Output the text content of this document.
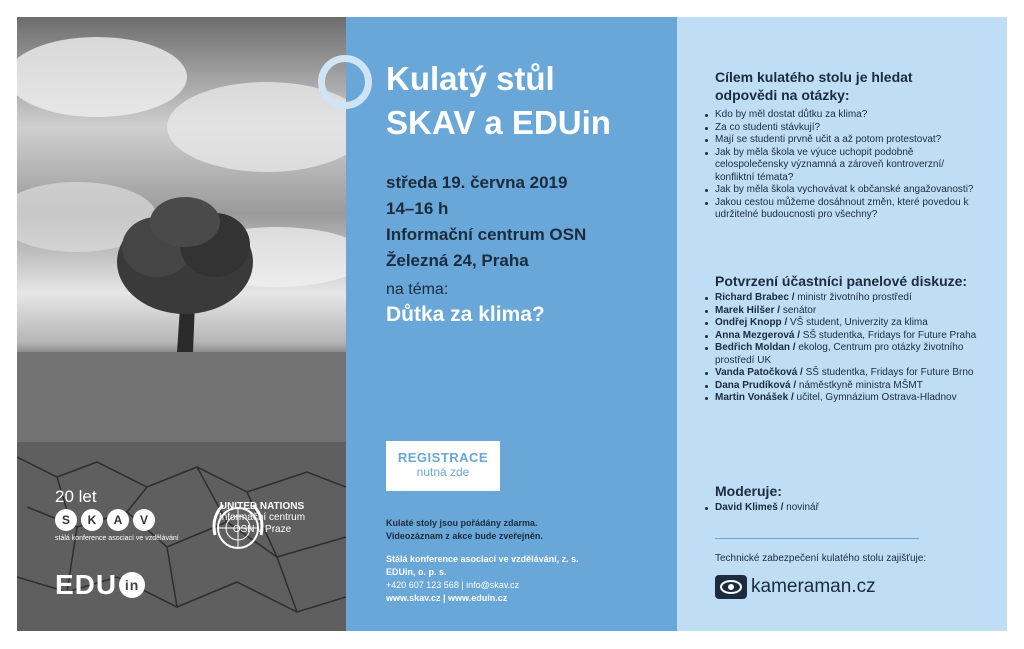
20 let
S	K	A	V
stálá konference asociací ve vzdělávání
EDU in
UNITED NATIONS
Informační centrum
OSN v Praze
Kulatý stůl
SKAV a EDUin
středa 19. června 2019
14–16 h
Informační centrum OSN
Železná 24, Praha
na téma:
Důtka za klima?
REGISTRACE
nutná zde
Kulaté stoly jsou pořádány zdarma.
Videozáznam z akce bude zveřejněn.
Stálá konference asociací ve vzdělávání, z. s.
EDUin, o. p. s.
+420 607 123 568 | info@skav.cz
www.skav.cz | www.eduin.cz
Cílem kulatého stolu je hledat
odpovědi na otázky:
Kdo by měl dostat důtku za klima?
Za co studenti stávkují?
Mají se studenti prvně učit a až potom protestovat?
Jak by měla škola ve výuce uchopit podobně celospolečensky významná a zároveň kontroverzní/ konfliktní témata?
Jak by měla škola vychovávat k občanské angažovanosti?
Jakou cestou můžeme dosáhnout změn, které povedou k udržitelné budoucnosti pro všechny?
Potvrzení účastníci panelové diskuze:
Richard Brabec / ministr životního prostředí
Marek Hilšer / senátor
Ondřej Knopp / VŠ student, Univerzity za klima
Anna Mezgerová / SŠ studentka, Fridays for Future Praha
Bedřich Moldan / ekolog, Centrum pro otázky životního prostředí UK
Vanda Patočková / SŠ studentka, Fridays for Future Brno
Dana Prudíková / náměstkyně ministra MŠMT
Martin Vonášek / učitel, Gymnázium Ostrava-Hladnov
Moderuje:
David Klimeš / novinář
Technické zabezpečení kulatého stolu zajišťuje:
kameraman.cz
